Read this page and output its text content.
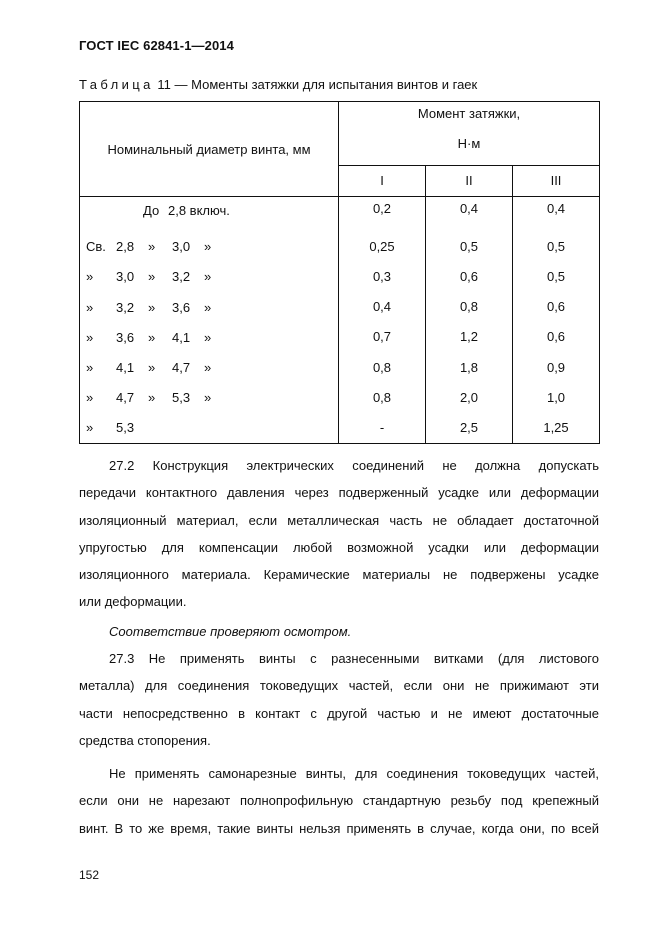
ГОСТ IEC 62841-1—2014
Таблица 11 — Моменты затяжки для испытания винтов и гаек
Номинальный диаметр винта, мм	Момент затяжки,
Н·м		

	I	II	III

До 2,8 включ.	0,2	0,4	0,4

Св. 2,8 » 3,0 »	0,25	0,5	0,5

» 3,0 » 3,2 »	0,3	0,6	0,5

» 3,2 » 3,6 »	0,4	0,8	0,6

» 3,6 » 4,1 »	0,7	1,2	0,6

» 4,1 » 4,7 »	0,8	1,8	0,9

» 4,7 » 5,3 »	0,8	2,0	1,0

» 5,3	-	2,5	1,25
27.2 Конструкция электрических соединений не должна допускать
передачи контактного давления через подверженный усадке или деформации
изоляционный материал, если металлическая часть не обладает достаточной
упругостью для компенсации любой возможной усадки или деформации
изоляционного материала. Керамические материалы не подвержены усадке
или деформации.
Соответствие проверяют осмотром.
27.3 Не применять винты с разнесенными витками (для листового
металла) для соединения токоведущих частей, если они не прижимают эти
части непосредственно в контакт с другой частью и не имеют достаточные
средства стопорения.
Не применять самонарезные винты, для соединения токоведущих частей,
если они не нарезают полнопрофильную стандартную резьбу под крепежный
винт. В то же время, такие винты нельзя применять в случае, когда они, по всей
152
